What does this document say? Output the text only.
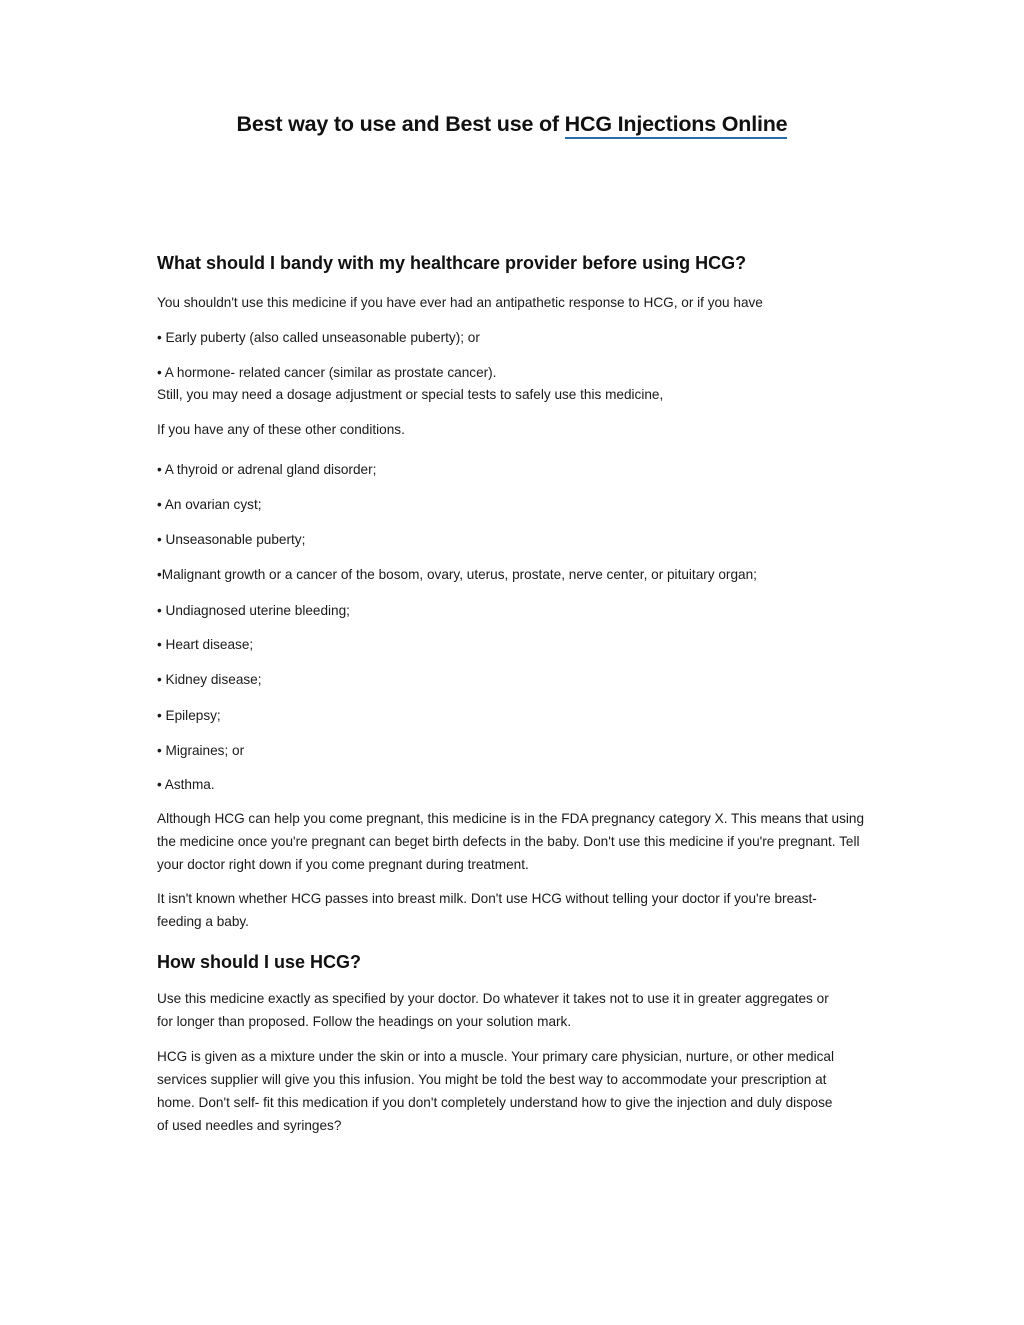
Best way to use and Best use of HCG Injections Online
What should I bandy with my healthcare provider before using HCG?

You shouldn't use this medicine if you have ever had an antipathetic response to HCG, or if you have

• Early puberty (also called unseasonable puberty); or

• A hormone- related cancer (similar as prostate cancer).

Still, you may need a dosage adjustment or special tests to safely use this medicine,

If you have any of these other conditions.

• A thyroid or adrenal gland disorder;

• An ovarian cyst;

• Unseasonable puberty;

•Malignant growth or a cancer of the bosom, ovary, uterus, prostate, nerve center, or pituitary organ;

• Undiagnosed uterine bleeding;

• Heart disease;

• Kidney disease;

• Epilepsy;

• Migraines; or

• Asthma.

Although HCG can help you come pregnant, this medicine is in the FDA pregnancy category X. This means that using the medicine once you're pregnant can beget birth defects in the baby. Don't use this medicine if you're pregnant. Tell your doctor right down if you come pregnant during treatment.

It isn't known whether HCG passes into breast milk. Don't use HCG without telling your doctor if you're breast- feeding a baby.

How should I use HCG?

Use this medicine exactly as specified by your doctor. Do whatever it takes not to use it in greater aggregates or for longer than proposed. Follow the headings on your solution mark.

HCG is given as a mixture under the skin or into a muscle. Your primary care physician, nurture, or other medical services supplier will give you this infusion. You might be told the best way to accommodate your prescription at home. Don't self- fit this medication if you don't completely understand how to give the injection and duly dispose of used needles and syringes?
